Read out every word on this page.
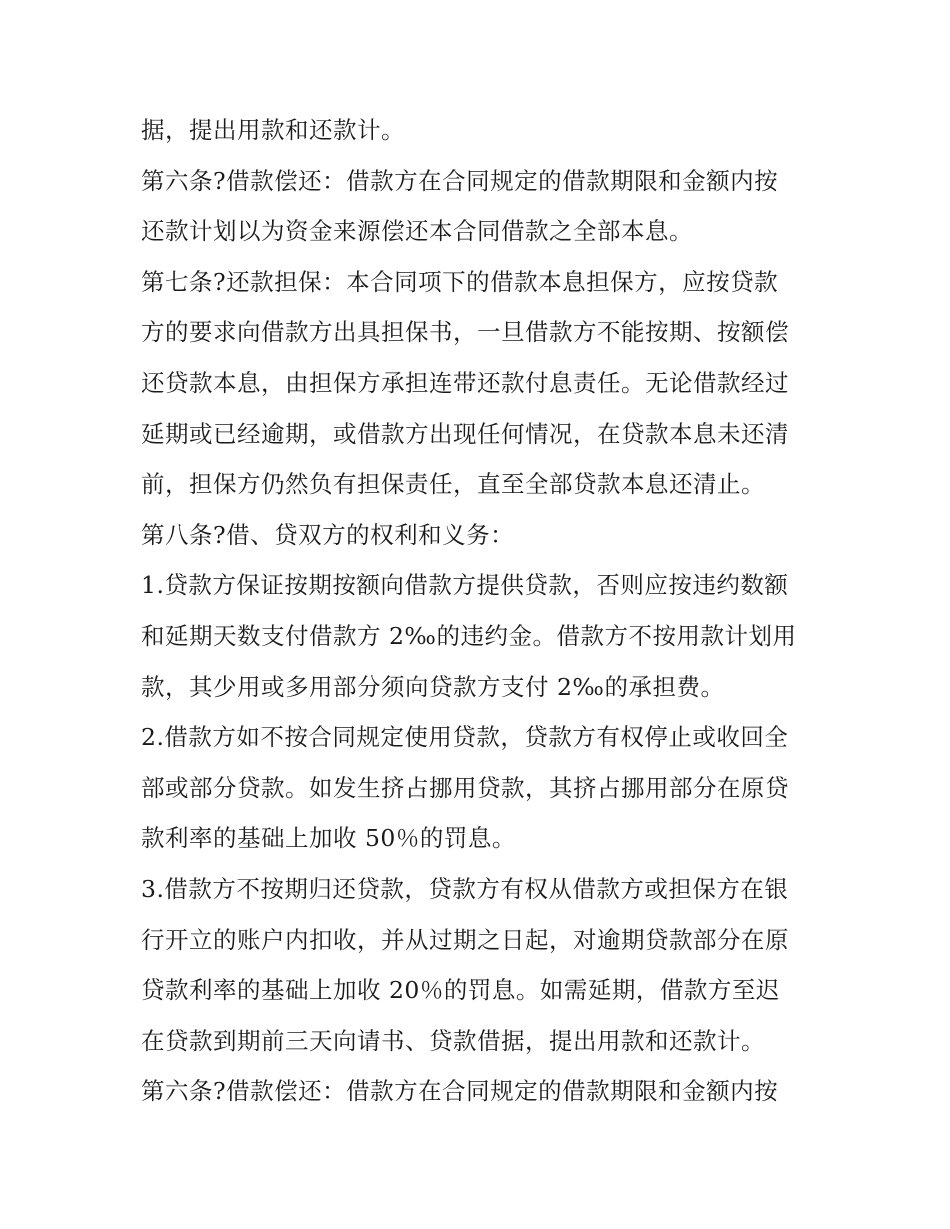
据，提出用款和还款计。
第六条?借款偿还：借款方在合同规定的借款期限和金额内按
还款计划以为资金来源偿还本合同借款之全部本息。
第七条?还款担保：本合同项下的借款本息担保方，应按贷款
方的要求向借款方出具担保书，一旦借款方不能按期、按额偿
还贷款本息，由担保方承担连带还款付息责任。无论借款经过
延期或已经逾期，或借款方出现任何情况，在贷款本息未还清
前，担保方仍然负有担保责任，直至全部贷款本息还清止。
第八条?借、贷双方的权利和义务：
1.贷款方保证按期按额向借款方提供贷款，否则应按违约数额
和延期天数支付借款方 2‰的违约金。借款方不按用款计划用
款，其少用或多用部分须向贷款方支付 2‰的承担费。
2.借款方如不按合同规定使用贷款，贷款方有权停止或收回全
部或部分贷款。如发生挤占挪用贷款，其挤占挪用部分在原贷
款利率的基础上加收 50％的罚息。
3.借款方不按期归还贷款，贷款方有权从借款方或担保方在银
行开立的账户内扣收，并从过期之日起，对逾期贷款部分在原
贷款利率的基础上加收 20％的罚息。如需延期，借款方至迟
在贷款到期前三天向请书、贷款借据，提出用款和还款计。
第六条?借款偿还：借款方在合同规定的借款期限和金额内按
